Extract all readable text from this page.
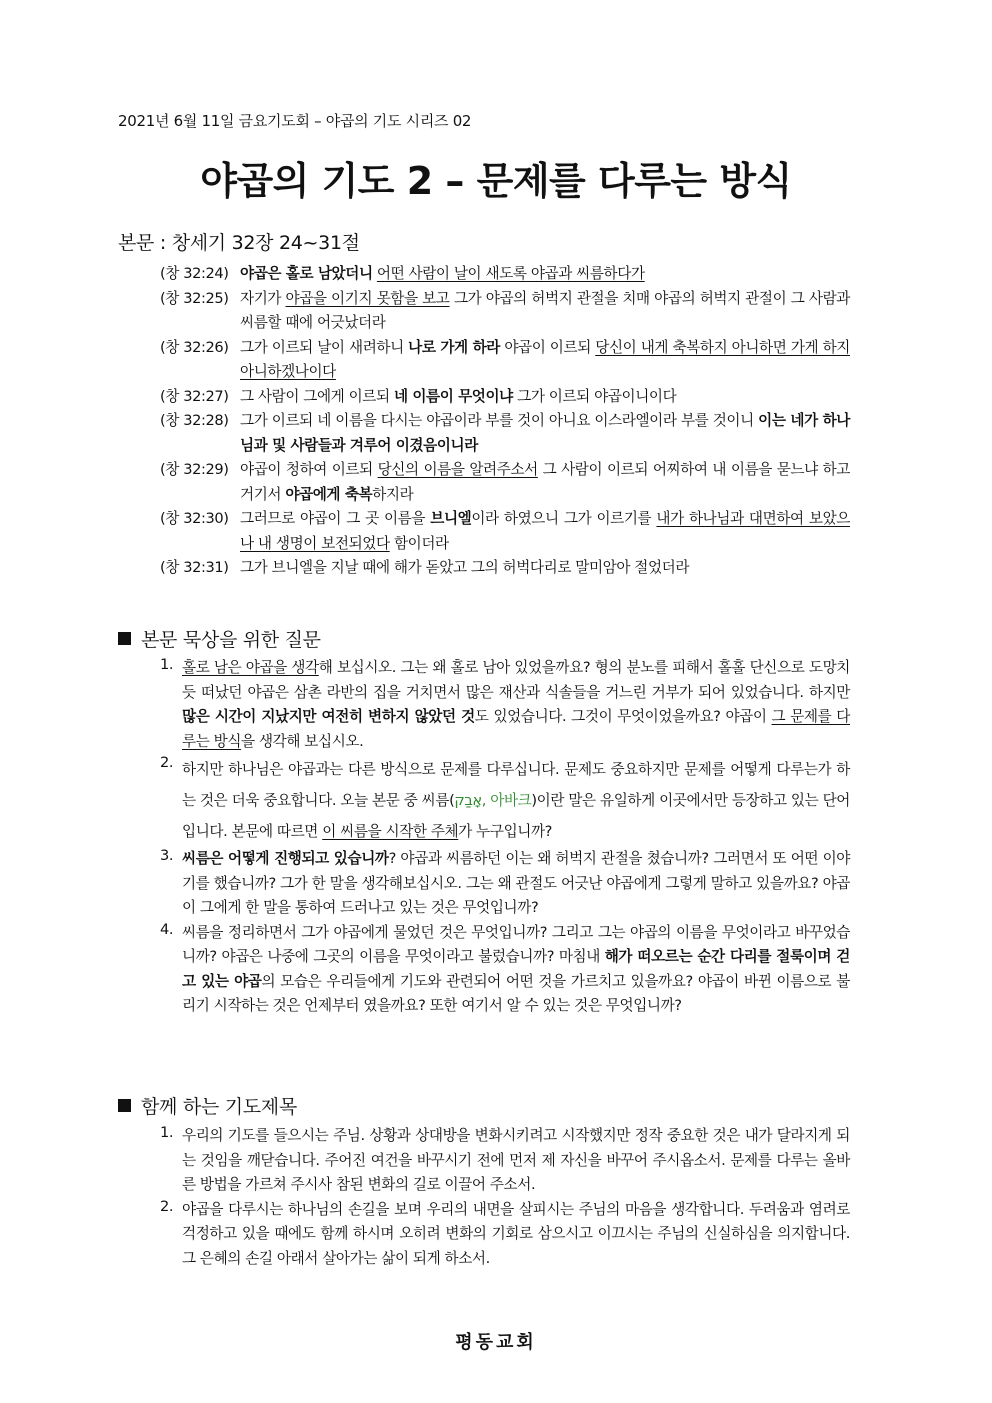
2021년 6월 11일 금요기도회 – 야곱의 기도 시리즈 02
야곱의 기도 2 – 문제를 다루는 방식
본문 : 창세기 32장 24~31절
(창 32:24) 야곱은 홀로 남았더니 어떤 사람이 날이 새도록 야곱과 씨름하다가
(창 32:25) 자기가 야곱을 이기지 못함을 보고 그가 야곱의 허벅지 관절을 치매 야곱의 허벅지 관절이 그 사람과 씨름할 때에 어긋났더라
(창 32:26) 그가 이르되 날이 새려하니 나로 가게 하라 야곱이 이르되 당신이 내게 축복하지 아니하면 가게 하지 아니하겠나이다
(창 32:27) 그 사람이 그에게 이르되 네 이름이 무엇이냐 그가 이르되 야곱이니이다
(창 32:28) 그가 이르되 네 이름을 다시는 야곱이라 부를 것이 아니요 이스라엘이라 부를 것이니 이는 네가 하나님과 및 사람들과 겨루어 이겼음이니라
(창 32:29) 야곱이 청하여 이르되 당신의 이름을 알려주소서 그 사람이 이르되 어찌하여 내 이름을 묻느냐 하고 거기서 야곱에게 축복하지라
(창 32:30) 그러므로 야곱이 그 곳 이름을 브니엘이라 하였으니 그가 이르기를 내가 하나님과 대면하여 보았으나 내 생명이 보전되었다 함이더라
(창 32:31) 그가 브니엘을 지날 때에 해가 돋았고 그의 허벅다리로 말미암아 절었더라
본문 묵상을 위한 질문
1. 홀로 남은 야곱을 생각해 보십시오. 그는 왜 홀로 남아 있었을까요? 형의 분노를 피해서 홀홀 단신으로 도망치듯 떠났던 야곱은 삼촌 라반의 집을 거치면서 많은 재산과 식솔들을 거느린 거부가 되어 있었습니다. 하지만 많은 시간이 지났지만 여전히 변하지 않았던 것도 있었습니다. 그것이 무엇이었을까요? 야곱이 그 문제를 다루는 방식을 생각해 보십시오.
2. 하지만 하나님은 야곱과는 다른 방식으로 문제를 다루십니다. 문제도 중요하지만 문제를 어떻게 다루는가 하는 것은 더욱 중요합니다. 오늘 본문 중 씨름(אָבַק, 아바크)이란 말은 유일하게 이곳에서만 등장하고 있는 단어입니다. 본문에 따르면 이 씨름을 시작한 주체가 누구입니까?
3. 씨름은 어떻게 진행되고 있습니까? 야곱과 씨름하던 이는 왜 허벅지 관절을 쳤습니까? 그러면서 또 어떤 이야기를 했습니까? 그가 한 말을 생각해보십시오. 그는 왜 관절도 어긋난 야곱에게 그렇게 말하고 있을까요? 야곱이 그에게 한 말을 통하여 드러나고 있는 것은 무엇입니까?
4. 씨름을 정리하면서 그가 야곱에게 물었던 것은 무엇입니까? 그리고 그는 야곱의 이름을 무엇이라고 바꾸었습니까? 야곱은 나중에 그곳의 이름을 무엇이라고 불렀습니까? 마침내 해가 떠오르는 순간 다리를 절룩이며 걷고 있는 야곱의 모습은 우리들에게 기도와 관련되어 어떤 것을 가르치고 있을까요? 야곱이 바뀐 이름으로 불리기 시작하는 것은 언제부터 였을까요? 또한 여기서 알 수 있는 것은 무엇입니까?
함께 하는 기도제목
1. 우리의 기도를 들으시는 주님. 상황과 상대방을 변화시키려고 시작했지만 정작 중요한 것은 내가 달라지게 되는 것임을 깨닫습니다. 주어진 여건을 바꾸시기 전에 먼저 제 자신을 바꾸어 주시옵소서. 문제를 다루는 올바른 방법을 가르쳐 주시사 참된 변화의 길로 이끌어 주소서.
2. 야곱을 다루시는 하나님의 손길을 보며 우리의 내면을 살피시는 주님의 마음을 생각합니다. 두려움과 염려로 걱정하고 있을 때에도 함께 하시며 오히려 변화의 기회로 삼으시고 이끄시는 주님의 신실하심을 의지합니다. 그 은혜의 손길 아래서 살아가는 삶이 되게 하소서.
평동교회
